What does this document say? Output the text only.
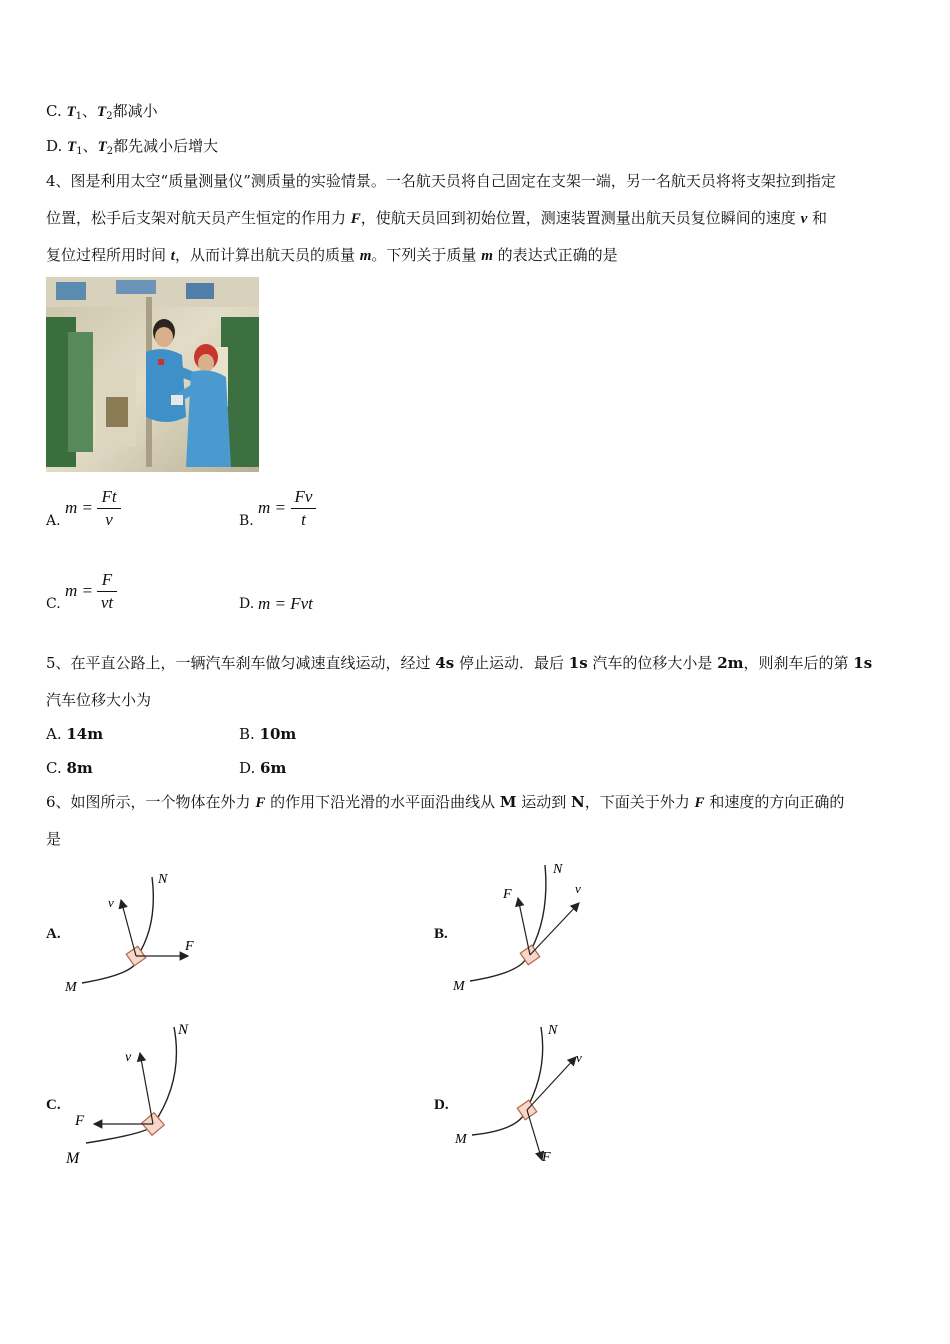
C. $T_1$、$T_2$都减小
D. $T_1$、$T_2$都先减小后增大
4、图是利用太空“质量测量仪”测质量的实验情景。一名航天员将自己固定在支架一端，另一名航天员将将支架拉到指定
位置，松手后支架对航天员产生恒定的作用力 F，使航天员回到初始位置，测速装置测量出航天员复位瞬间的速度 v 和
复位过程所用时间 t，从而计算出航天员的质量 m。下列关于质量 m 的表达式正确的是
A.
m =
Ft
v	B.
m =
Fv
t
C.
m =
F
vt	D. m = Fvt
5、在平直公路上，一辆汽车刹车做匀减速直线运动，经过 4s 停止运动．最后 1s 汽车的位移大小是 2m，则刹车后的第 1s
汽车位移大小为
A. 14m	B. 10m
C. 8m	D. 6m
6、如图所示，一个物体在外力 F 的作用下沿光滑的水平面沿曲线从 M 运动到 N，下面关于外力 F 和速度的方向正确的
是
A.
M
N
v
F
B.
M
N
v
F
C.
M
N
v
F
D.
M
N
v
F
